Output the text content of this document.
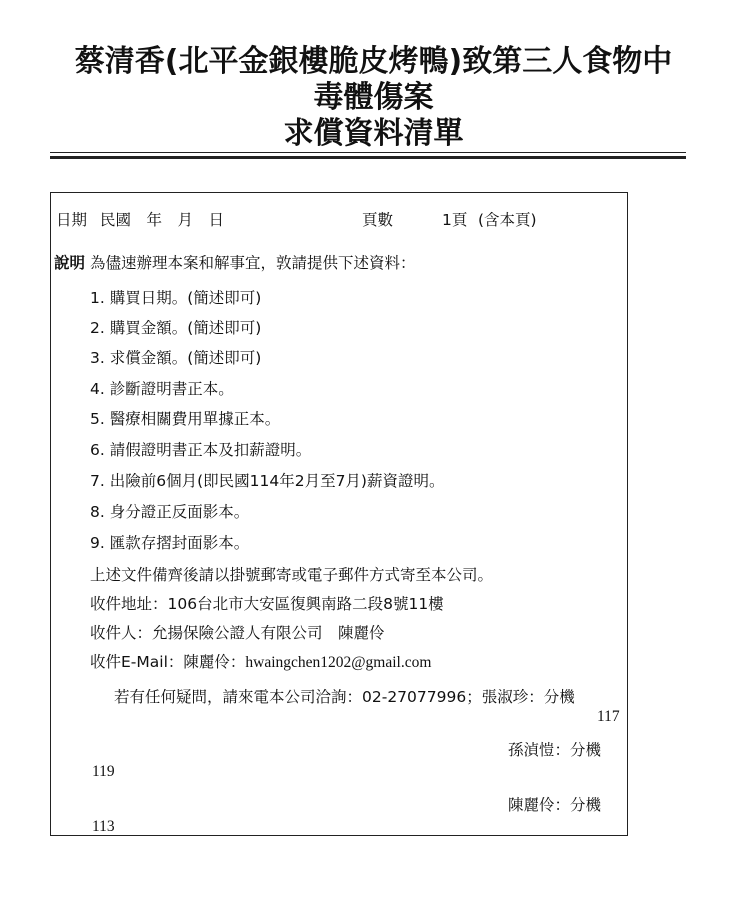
蔡清香(北平金銀樓脆皮烤鴨)致第三人食物中
毒體傷案
求償資料清單
日期 民國　年　月　日	頁數	1頁 (含本頁)
說明 為儘速辦理本案和解事宜，敦請提供下述資料：
1. 購買日期。(簡述即可)
2. 購買金額。(簡述即可)
3. 求償金額。(簡述即可)
4. 診斷證明書正本。
5. 醫療相關費用單據正本。
6. 請假證明書正本及扣薪證明。
7. 出險前6個月(即民國114年2月至7月)薪資證明。
8. 身分證正反面影本。
9. 匯款存摺封面影本。
上述文件備齊後請以掛號郵寄或電子郵件方式寄至本公司。
收件地址：106台北市大安區復興南路二段8號11樓
收件人：允揚保險公證人有限公司　陳麗伶
收件E-Mail：陳麗伶：hwaingchen1202@gmail.com
若有任何疑問，請來電本公司洽詢：02-27077996；張淑珍：分機
117
孫湞愷：分機
119
陳麗伶：分機
113
